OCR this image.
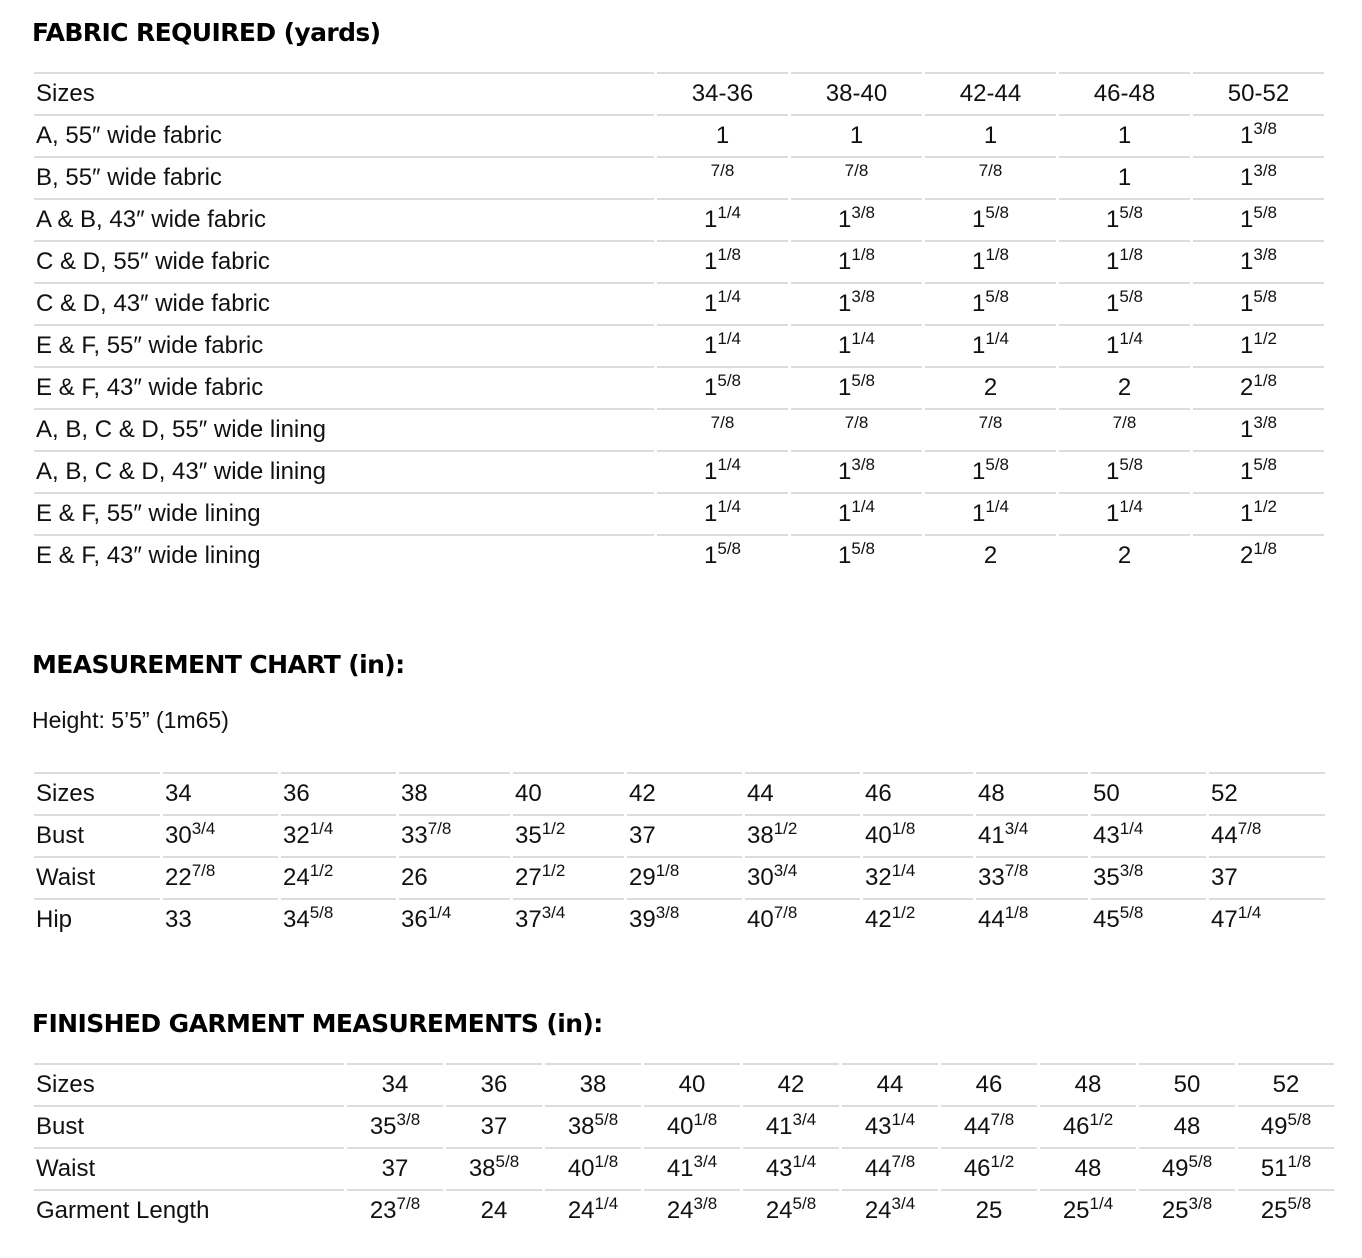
FABRIC REQUIRED (yards)
Sizes	34-36	38-40	42-44	46-48	50-52
A, 55″ wide fabric	1	1	1	1	$1^{3/8}$
B, 55″ wide fabric	$^{7/8}$	$^{7/8}$	$^{7/8}$	1	$1^{3/8}$
A & B, 43″ wide fabric	$1^{1/4}$	$1^{3/8}$	$1^{5/8}$	$1^{5/8}$	$1^{5/8}$
C & D, 55″ wide fabric	$1^{1/8}$	$1^{1/8}$	$1^{1/8}$	$1^{1/8}$	$1^{3/8}$
C & D, 43″ wide fabric	$1^{1/4}$	$1^{3/8}$	$1^{5/8}$	$1^{5/8}$	$1^{5/8}$
E & F, 55″ wide fabric	$1^{1/4}$	$1^{1/4}$	$1^{1/4}$	$1^{1/4}$	$1^{1/2}$
E & F, 43″ wide fabric	$1^{5/8}$	$1^{5/8}$	2	2	$2^{1/8}$
A, B, C & D, 55″ wide lining	$^{7/8}$	$^{7/8}$	$^{7/8}$	$^{7/8}$	$1^{3/8}$
A, B, C & D, 43″ wide lining	$1^{1/4}$	$1^{3/8}$	$1^{5/8}$	$1^{5/8}$	$1^{5/8}$
E & F, 55″ wide lining	$1^{1/4}$	$1^{1/4}$	$1^{1/4}$	$1^{1/4}$	$1^{1/2}$
E & F, 43″ wide lining	$1^{5/8}$	$1^{5/8}$	2	2	$2^{1/8}$
MEASUREMENT CHART (in):
Height: 5’5” (1m65)
Sizes	34	36	38	40	42	44	46	48	50	52
Bust	$30^{3/4}$	$32^{1/4}$	$33^{7/8}$	$35^{1/2}$	37	$38^{1/2}$	$40^{1/8}$	$41^{3/4}$	$43^{1/4}$	$44^{7/8}$
Waist	$22^{7/8}$	$24^{1/2}$	26	$27^{1/2}$	$29^{1/8}$	$30^{3/4}$	$32^{1/4}$	$33^{7/8}$	$35^{3/8}$	37
Hip	33	$34^{5/8}$	$36^{1/4}$	$37^{3/4}$	$39^{3/8}$	$40^{7/8}$	$42^{1/2}$	$44^{1/8}$	$45^{5/8}$	$47^{1/4}$
FINISHED GARMENT MEASUREMENTS (in):
Sizes	34	36	38	40	42	44	46	48	50	52
Bust	$35^{3/8}$	37	$38^{5/8}$	$40^{1/8}$	$41^{3/4}$	$43^{1/4}$	$44^{7/8}$	$46^{1/2}$	48	$49^{5/8}$
Waist	37	$38^{5/8}$	$40^{1/8}$	$41^{3/4}$	$43^{1/4}$	$44^{7/8}$	$46^{1/2}$	48	$49^{5/8}$	$51^{1/8}$
Garment Length	$23^{7/8}$	24	$24^{1/4}$	$24^{3/8}$	$24^{5/8}$	$24^{3/4}$	25	$25^{1/4}$	$25^{3/8}$	$25^{5/8}$
